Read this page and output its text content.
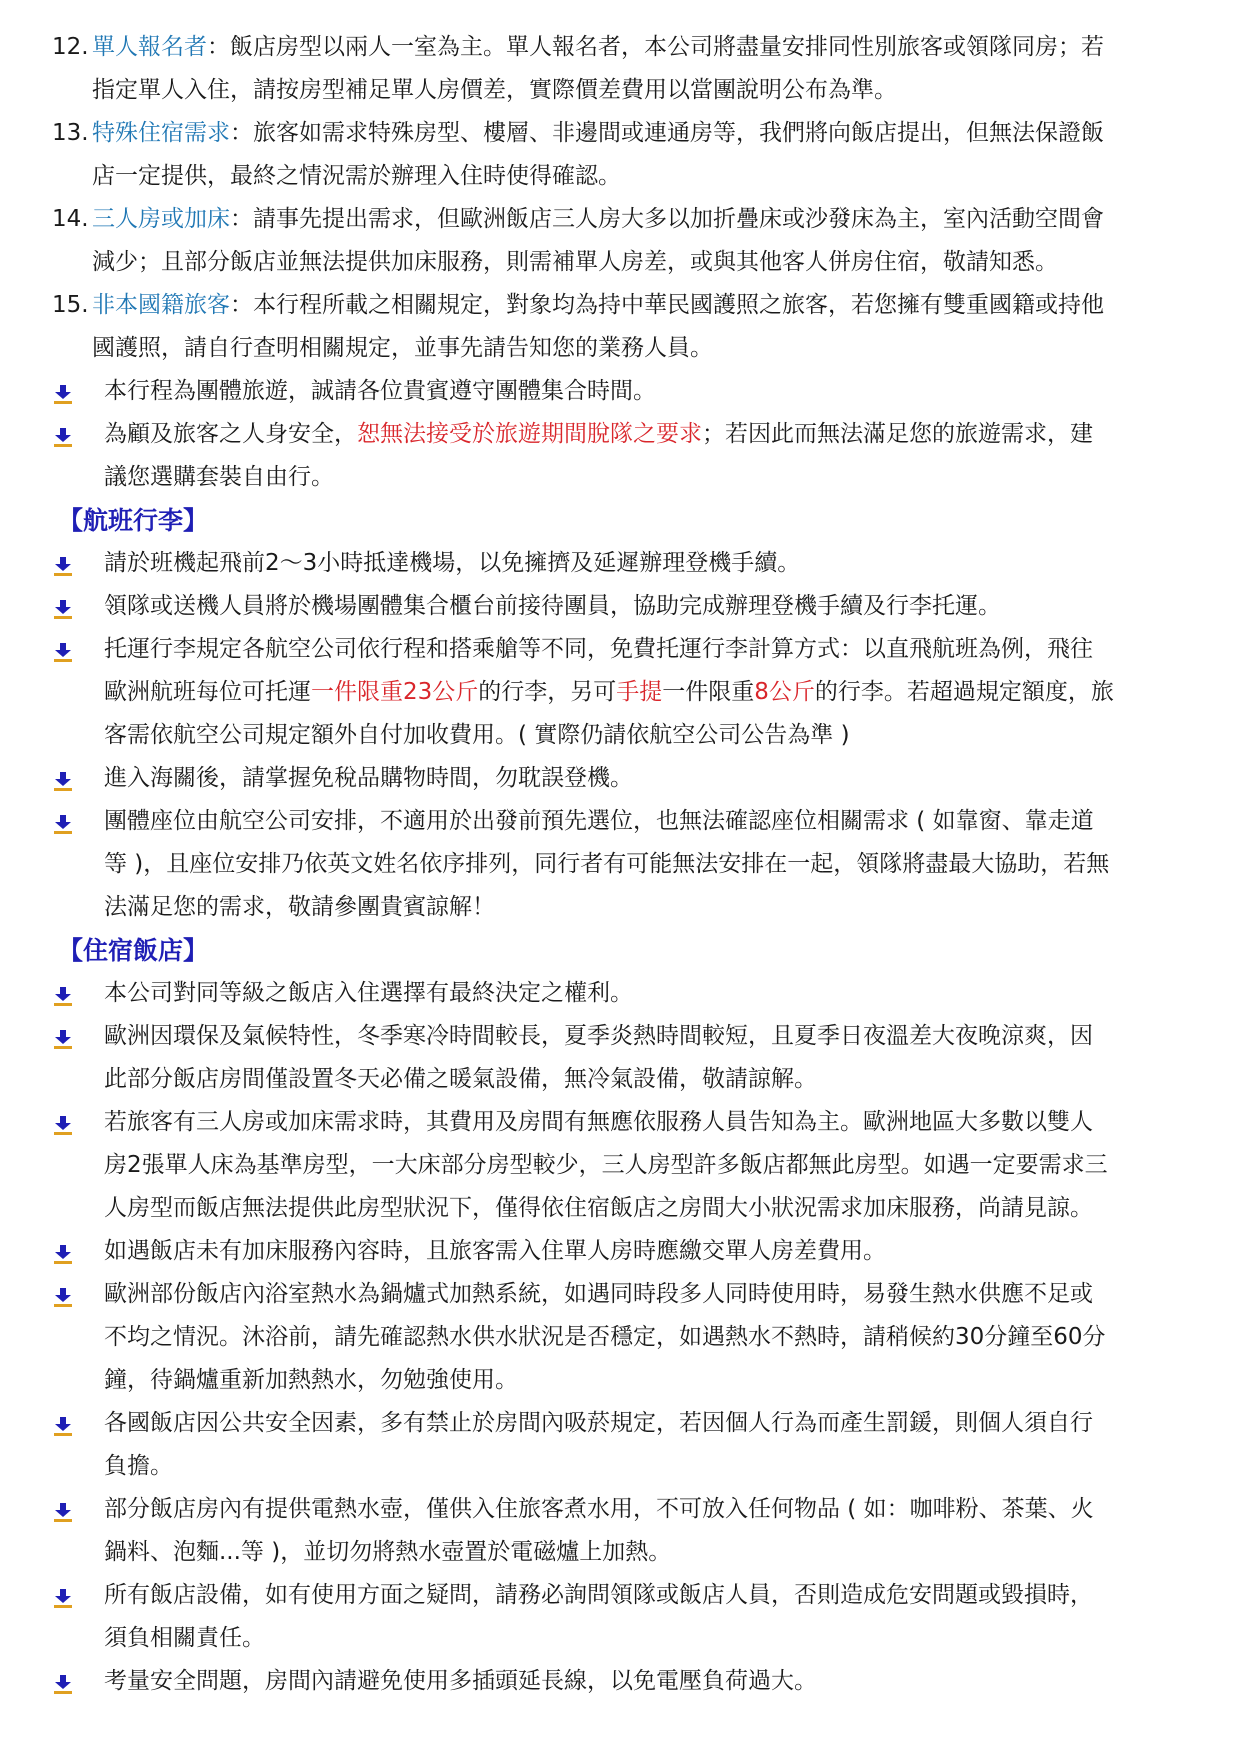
12. 單人報名者：飯店房型以兩人一室為主。單人報名者，本公司將盡量安排同性別旅客或領隊同房；若
指定單人入住，請按房型補足單人房價差，實際價差費用以當團說明公布為準。
13. 特殊住宿需求：旅客如需求特殊房型、樓層、非邊間或連通房等，我們將向飯店提出，但無法保證飯
店一定提供，最終之情況需於辦理入住時使得確認。
14. 三人房或加床：請事先提出需求，但歐洲飯店三人房大多以加折疊床或沙發床為主，室內活動空間會
減少；且部分飯店並無法提供加床服務，則需補單人房差，或與其他客人併房住宿，敬請知悉。
15. 非本國籍旅客：本行程所載之相關規定，對象均為持中華民國護照之旅客，若您擁有雙重國籍或持他
國護照，請自行查明相關規定，並事先請告知您的業務人員。
本行程為團體旅遊，誠請各位貴賓遵守團體集合時間。
為顧及旅客之人身安全，恕無法接受於旅遊期間脫隊之要求；若因此而無法滿足您的旅遊需求，建
議您選購套裝自由行。
【航班行李】
請於班機起飛前2～3小時抵達機場，以免擁擠及延遲辦理登機手續。
領隊或送機人員將於機場團體集合櫃台前接待團員，協助完成辦理登機手續及行李托運。
托運行李規定各航空公司依行程和搭乘艙等不同，免費托運行李計算方式：以直飛航班為例，飛往
歐洲航班每位可托運一件限重23公斤的行李，另可手提一件限重8公斤的行李。若超過規定額度，旅
客需依航空公司規定額外自付加收費用。( 實際仍請依航空公司公告為準 )
進入海關後，請掌握免稅品購物時間，勿耽誤登機。
團體座位由航空公司安排，不適用於出發前預先選位，也無法確認座位相關需求 ( 如靠窗、靠走道
等 )，且座位安排乃依英文姓名依序排列，同行者有可能無法安排在一起，領隊將盡最大協助，若無
法滿足您的需求，敬請參團貴賓諒解！
【住宿飯店】
本公司對同等級之飯店入住選擇有最終決定之權利。
歐洲因環保及氣候特性，冬季寒冷時間較長，夏季炎熱時間較短，且夏季日夜溫差大夜晚涼爽，因
此部分飯店房間僅設置冬天必備之暖氣設備，無冷氣設備，敬請諒解。
若旅客有三人房或加床需求時，其費用及房間有無應依服務人員告知為主。歐洲地區大多數以雙人
房2張單人床為基準房型，一大床部分房型較少，三人房型許多飯店都無此房型。如遇一定要需求三
人房型而飯店無法提供此房型狀況下，僅得依住宿飯店之房間大小狀況需求加床服務，尚請見諒。
如遇飯店未有加床服務內容時，且旅客需入住單人房時應繳交單人房差費用。
歐洲部份飯店內浴室熱水為鍋爐式加熱系統，如遇同時段多人同時使用時，易發生熱水供應不足或
不均之情況。沐浴前，請先確認熱水供水狀況是否穩定，如遇熱水不熱時，請稍候約30分鐘至60分
鐘，待鍋爐重新加熱熱水，勿勉強使用。
各國飯店因公共安全因素，多有禁止於房間內吸菸規定，若因個人行為而產生罰鍰，則個人須自行
負擔。
部分飯店房內有提供電熱水壺，僅供入住旅客煮水用，不可放入任何物品 ( 如：咖啡粉、茶葉、火
鍋料、泡麵...等 )，並切勿將熱水壺置於電磁爐上加熱。
所有飯店設備，如有使用方面之疑問，請務必詢問領隊或飯店人員，否則造成危安問題或毀損時，
須負相關責任。
考量安全問題，房間內請避免使用多插頭延長線，以免電壓負荷過大。
